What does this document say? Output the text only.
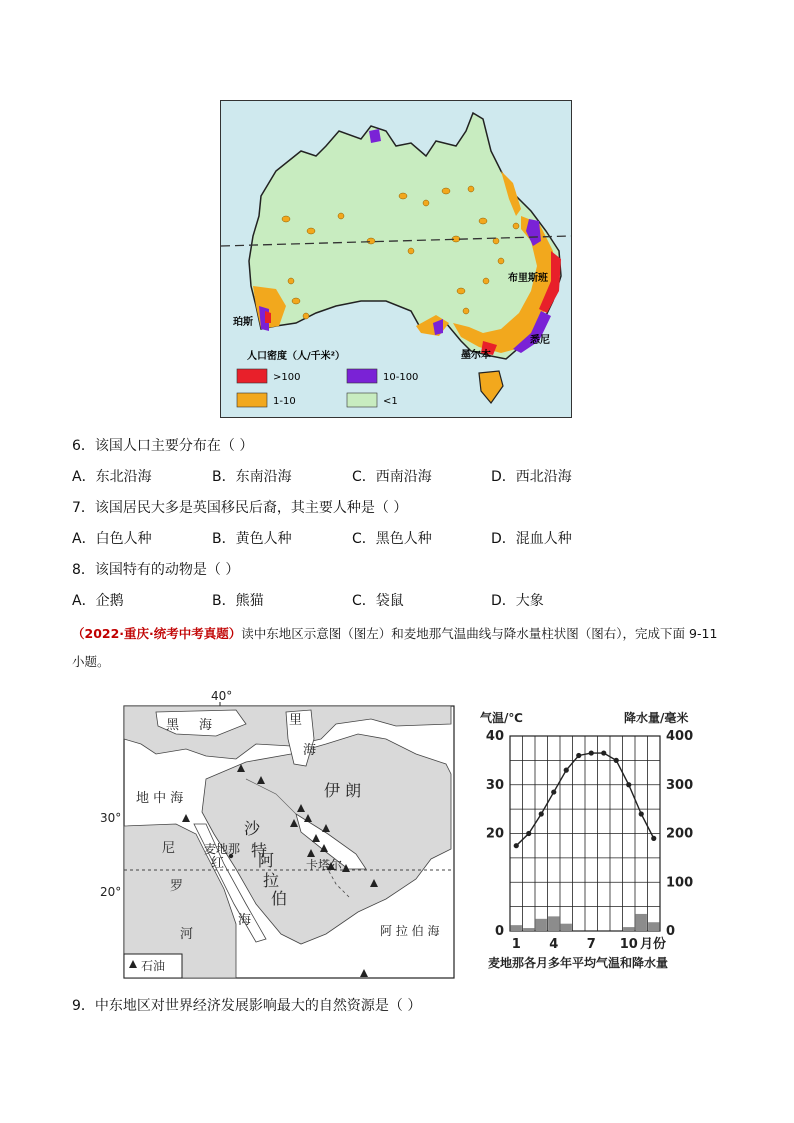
珀斯
布里斯班
悉尼
墨尔本
人口密度（人/千米²）
>100	10-100
1-10	<1
6．该国人口主要分布在（ ）
A．东北沿海	B．东南沿海	C．西南沿海	D．西北沿海
7．该国居民大多是英国移民后裔，其主要人种是（ ）
A．白色人种	B．黄色人种	C．黑色人种	D．混血人种
8．该国特有的动物是（ ）
A．企鹅	B．熊猫	C．袋鼠	D．大象
（2022·重庆·统考中考真题）读中东地区示意图（图左）和麦地那气温曲线与降水量柱状图（图右），完成下面 9-11 小题。
40°
30°
20°
黑 海	里
海
地 中 海	伊 朗
沙
特
阿
拉
伯
尼
罗
河
红
海
麦地那
卡塔尔
阿 拉 伯 海
石油
气温/℃	降水量/毫米
0
20
30
40
0
100
200
300
400
1 4 7 10 月份
麦地那各月多年平均气温和降水量
9．中东地区对世界经济发展影响最大的自然资源是（ ）
